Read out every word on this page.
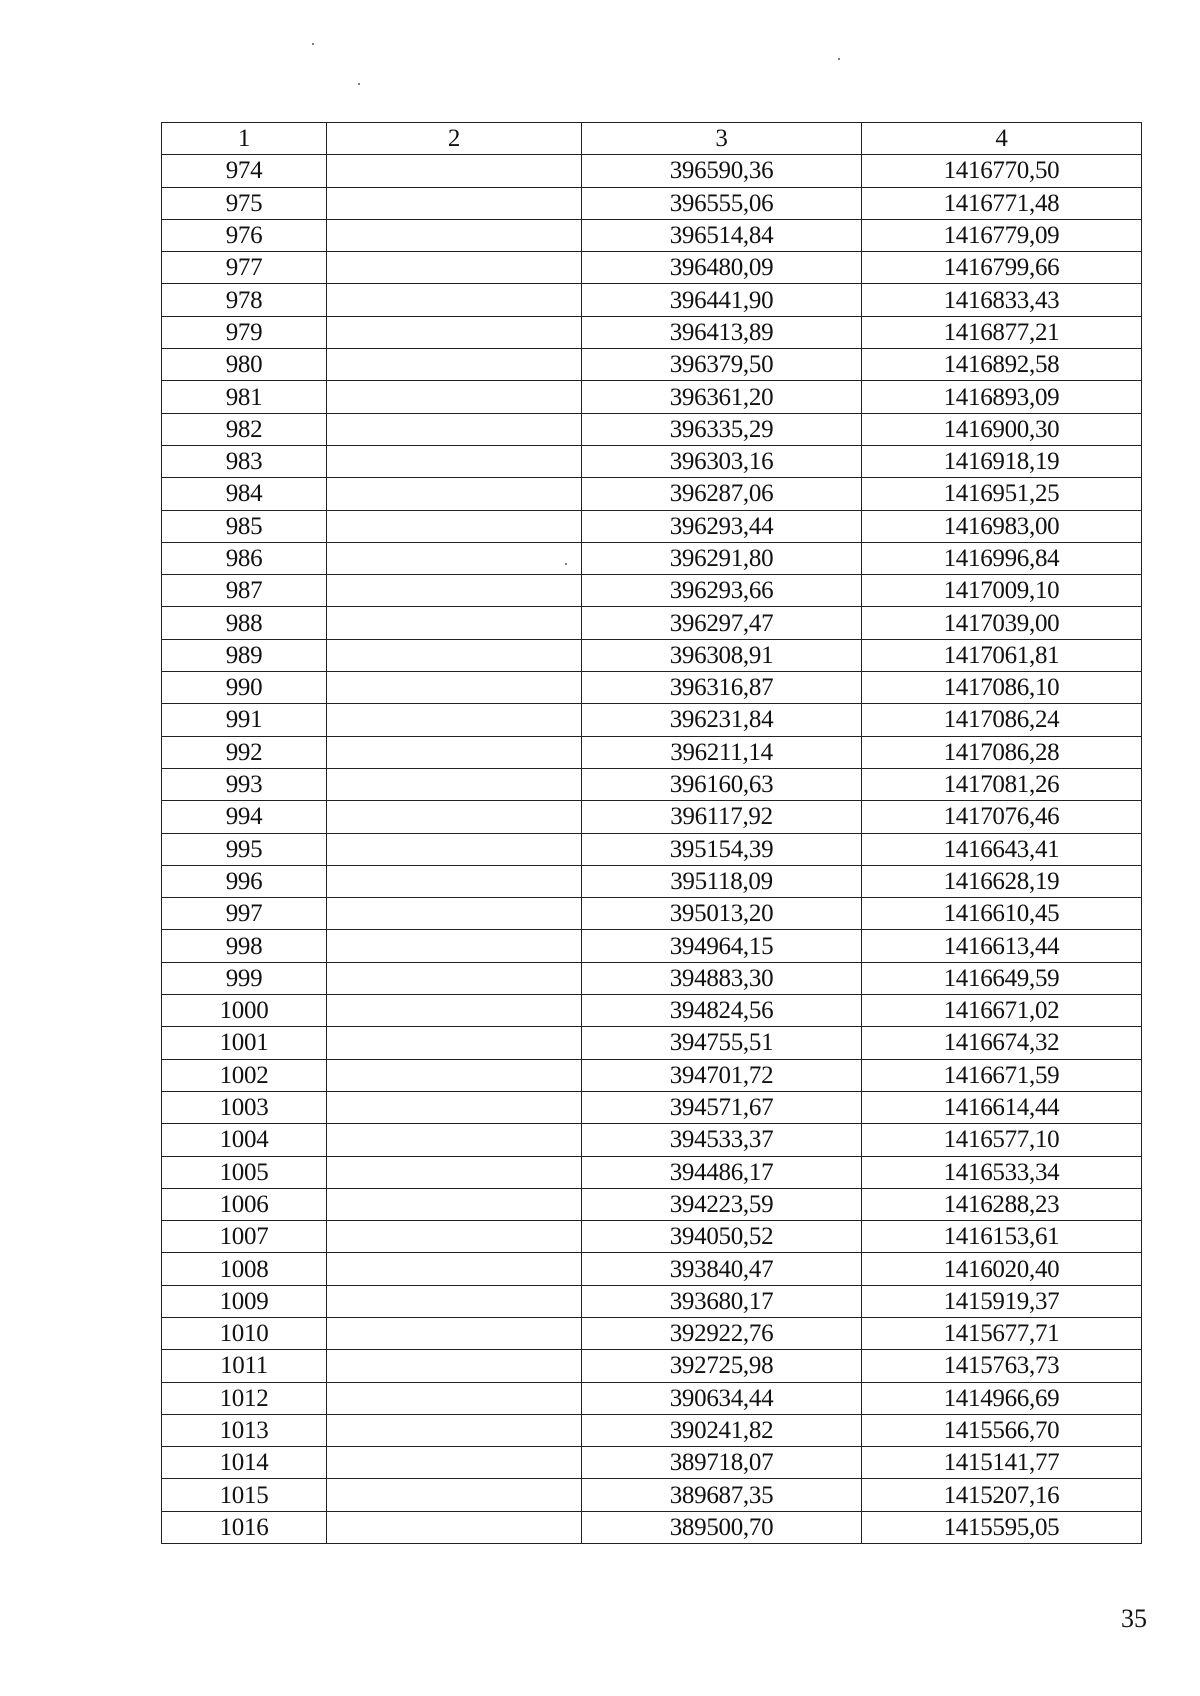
1	2	3	4
974		396590,36	1416770,50
975		396555,06	1416771,48
976		396514,84	1416779,09
977		396480,09	1416799,66
978		396441,90	1416833,43
979		396413,89	1416877,21
980		396379,50	1416892,58
981		396361,20	1416893,09
982		396335,29	1416900,30
983		396303,16	1416918,19
984		396287,06	1416951,25
985		396293,44	1416983,00
986		396291,80	1416996,84
987		396293,66	1417009,10
988		396297,47	1417039,00
989		396308,91	1417061,81
990		396316,87	1417086,10
991		396231,84	1417086,24
992		396211,14	1417086,28
993		396160,63	1417081,26
994		396117,92	1417076,46
995		395154,39	1416643,41
996		395118,09	1416628,19
997		395013,20	1416610,45
998		394964,15	1416613,44
999		394883,30	1416649,59
1000		394824,56	1416671,02
1001		394755,51	1416674,32
1002		394701,72	1416671,59
1003		394571,67	1416614,44
1004		394533,37	1416577,10
1005		394486,17	1416533,34
1006		394223,59	1416288,23
1007		394050,52	1416153,61
1008		393840,47	1416020,40
1009		393680,17	1415919,37
1010		392922,76	1415677,71
1011		392725,98	1415763,73
1012		390634,44	1414966,69
1013		390241,82	1415566,70
1014		389718,07	1415141,77
1015		389687,35	1415207,16
1016		389500,70	1415595,05
35
